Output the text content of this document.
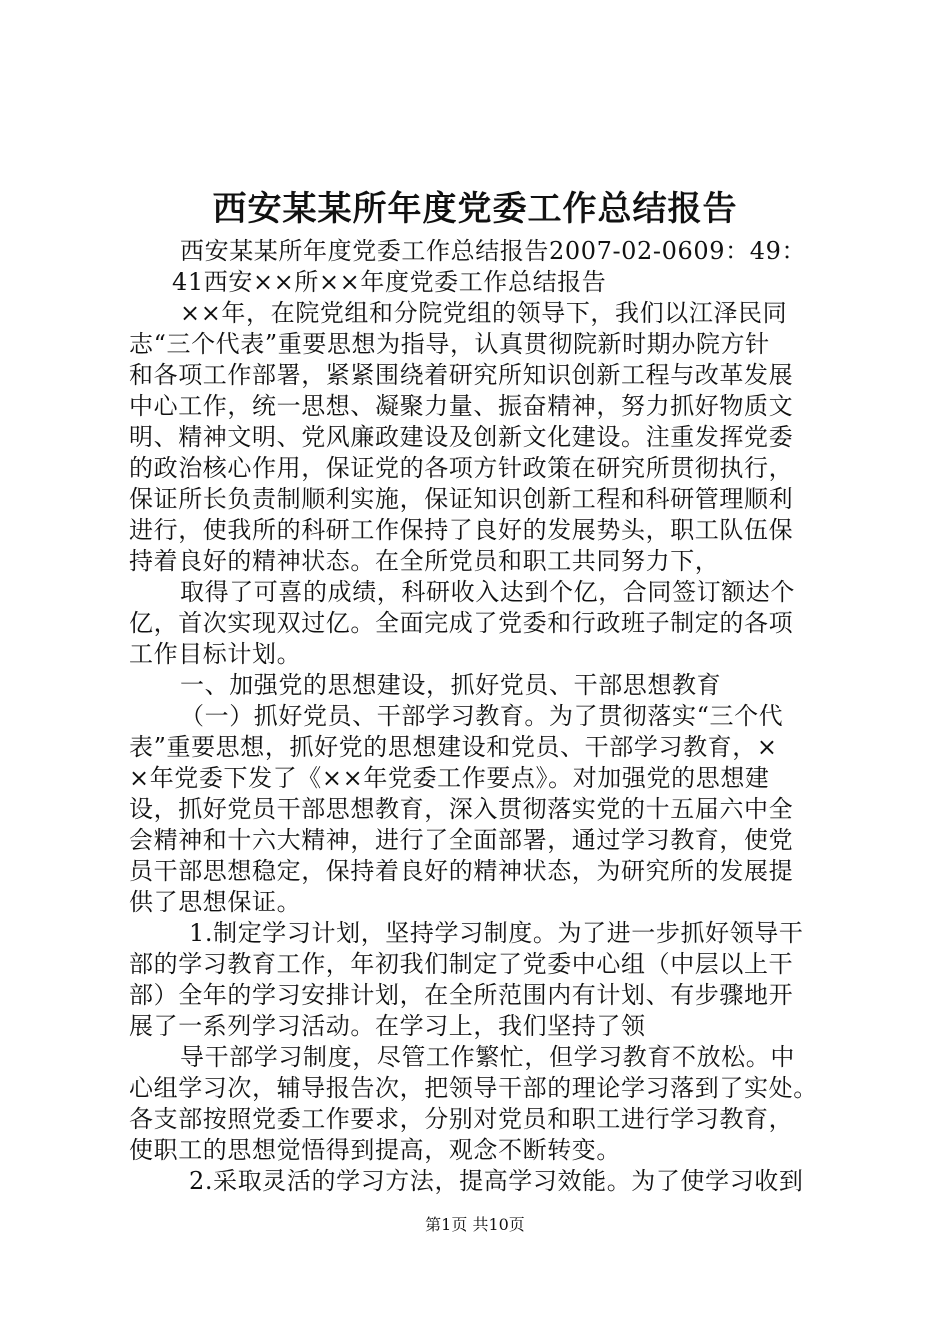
西安某某所年度党委工作总结报告
西安某某所年度党委工作总结报告2007-02-0609：49：
41西安××所××年度党委工作总结报告
××年，在院党组和分院党组的领导下，我们以江泽民同
志“三个代表”重要思想为指导，认真贯彻院新时期办院方针
和各项工作部署，紧紧围绕着研究所知识创新工程与改革发展
中心工作，统一思想、凝聚力量、振奋精神，努力抓好物质文
明、精神文明、党风廉政建设及创新文化建设。注重发挥党委
的政治核心作用，保证党的各项方针政策在研究所贯彻执行，
保证所长负责制顺利实施，保证知识创新工程和科研管理顺利
进行，使我所的科研工作保持了良好的发展势头，职工队伍保
持着良好的精神状态。在全所党员和职工共同努力下，
取得了可喜的成绩，科研收入达到个亿，合同签订额达个
亿，首次实现双过亿。全面完成了党委和行政班子制定的各项
工作目标计划。
一、加强党的思想建设，抓好党员、干部思想教育
（一）抓好党员、干部学习教育。为了贯彻落实“三个代
表”重要思想，抓好党的思想建设和党员、干部学习教育，×
×年党委下发了《××年党委工作要点》。对加强党的思想建
设，抓好党员干部思想教育，深入贯彻落实党的十五届六中全
会精神和十六大精神，进行了全面部署，通过学习教育，使党
员干部思想稳定，保持着良好的精神状态，为研究所的发展提
供了思想保证。
1.制定学习计划，坚持学习制度。为了进一步抓好领导干
部的学习教育工作，年初我们制定了党委中心组（中层以上干
部）全年的学习安排计划，在全所范围内有计划、有步骤地开
展了一系列学习活动。在学习上，我们坚持了领
导干部学习制度，尽管工作繁忙，但学习教育不放松。中
心组学习次，辅导报告次，把领导干部的理论学习落到了实处。
各支部按照党委工作要求，分别对党员和职工进行学习教育，
使职工的思想觉悟得到提高，观念不断转变。
2.采取灵活的学习方法，提高学习效能。为了使学习收到
第1页 共10页
